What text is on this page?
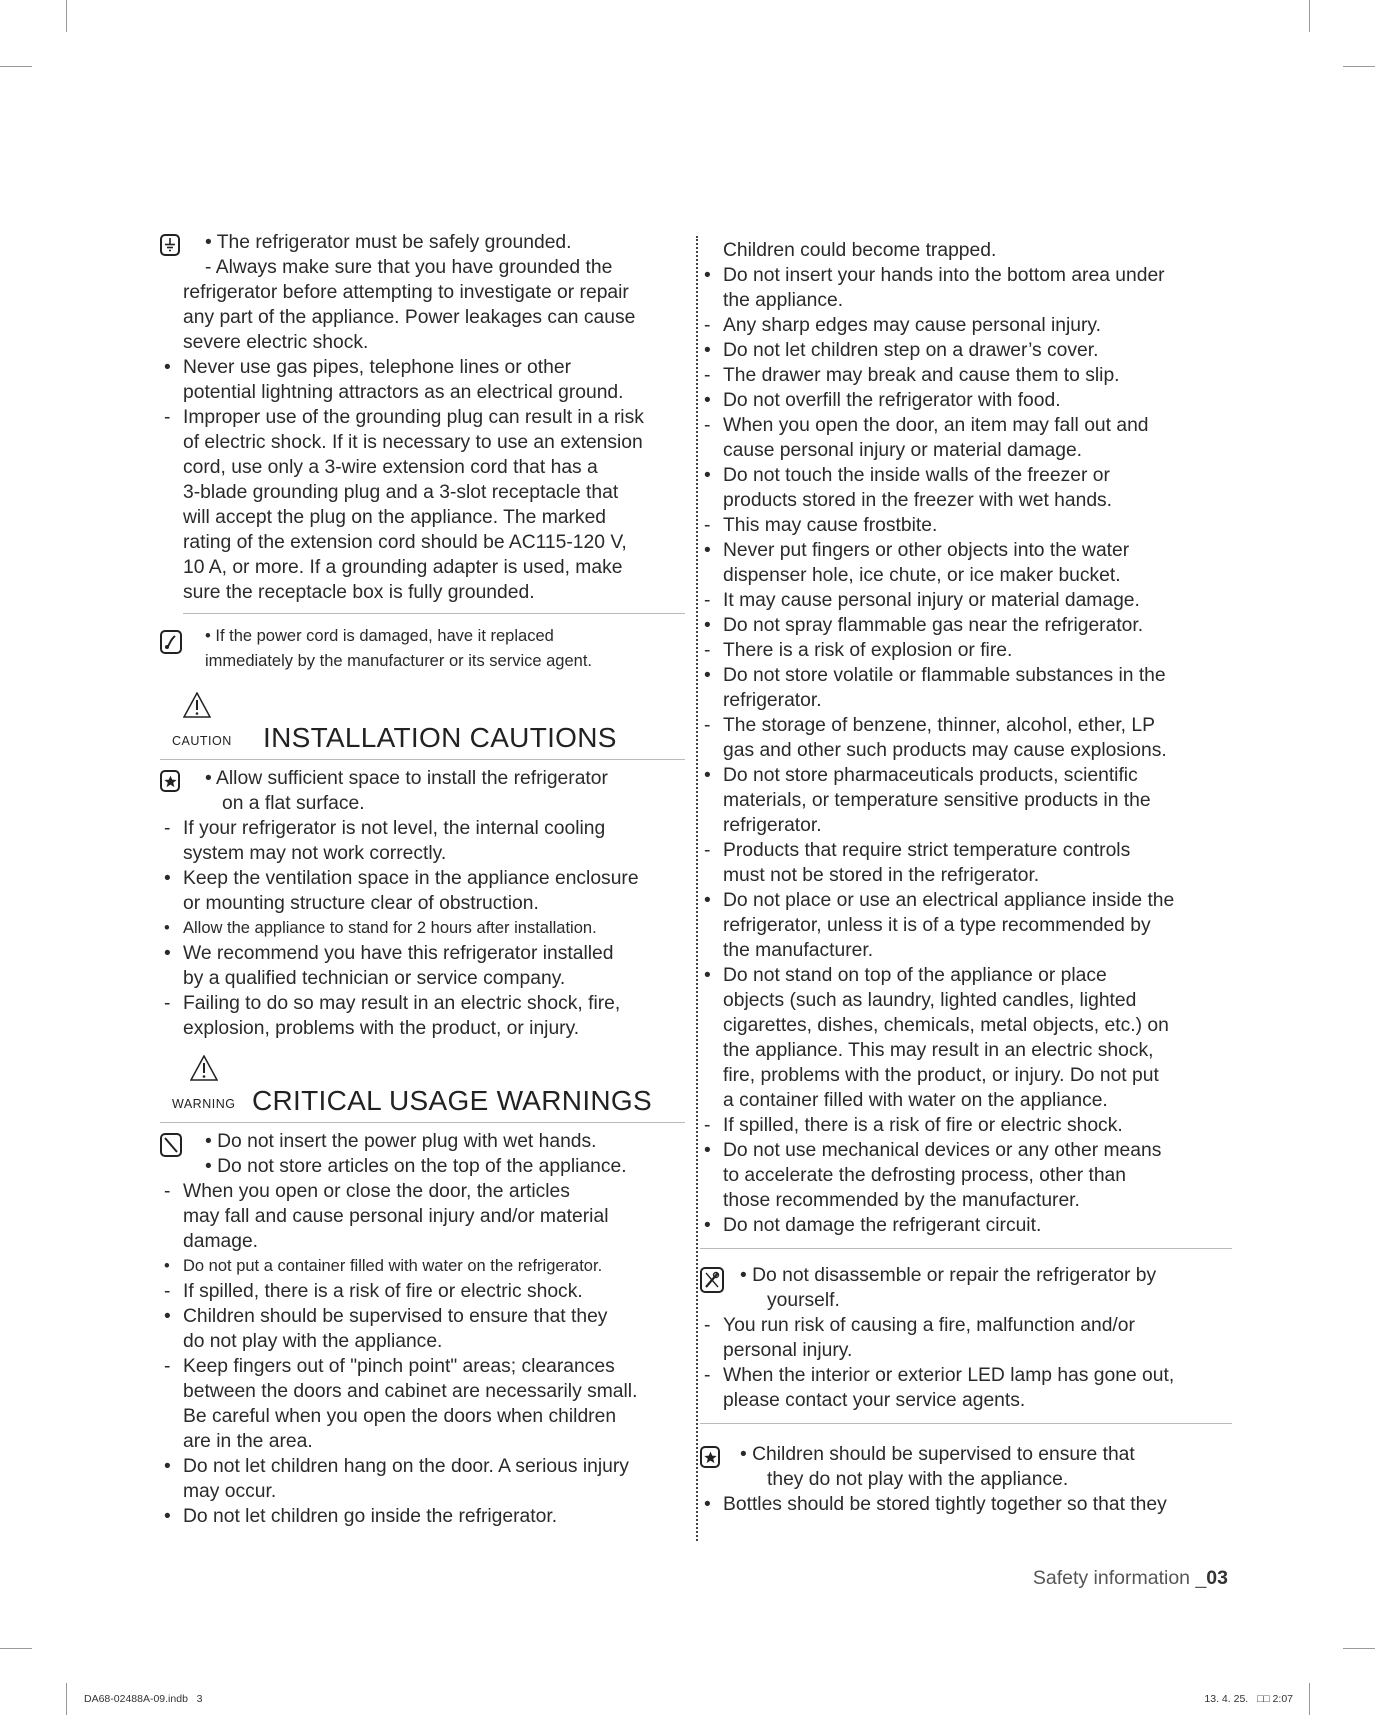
• The refrigerator must be safely grounded.
- Always make sure that you have grounded the
refrigerator before attempting to investigate or repair
any part of the appliance. Power leakages can cause
severe electric shock.
• Never use gas pipes, telephone lines or other
potential lightning attractors as an electrical ground.
- Improper use of the grounding plug can result in a risk
of electric shock. If it is necessary to use an extension
cord, use only a 3-wire extension cord that has a
3-blade grounding plug and a 3-slot receptacle that
will accept the plug on the appliance. The marked
rating of the extension cord should be AC115-120 V,
10 A, or more. If a grounding adapter is used, make
sure the receptacle box is fully grounded.
• If the power cord is damaged, have it replaced
immediately by the manufacturer or its service agent.
CAUTION INSTALLATION CAUTIONS
• Allow sufficient space to install the refrigerator
on a flat surface.
- If your refrigerator is not level, the internal cooling
system may not work correctly.
• Keep the ventilation space in the appliance enclosure
or mounting structure clear of obstruction.
• Allow the appliance to stand for 2 hours after installation.
• We recommend you have this refrigerator installed
by a qualified technician or service company.
- Failing to do so may result in an electric shock, fire,
explosion, problems with the product, or injury.
WARNING CRITICAL USAGE WARNINGS
• Do not insert the power plug with wet hands.
• Do not store articles on the top of the appliance.
- When you open or close the door, the articles
may fall and cause personal injury and/or material
damage.
• Do not put a container filled with water on the refrigerator.
- If spilled, there is a risk of fire or electric shock.
• Children should be supervised to ensure that they
do not play with the appliance.
- Keep fingers out of "pinch point" areas; clearances
between the doors and cabinet are necessarily small.
Be careful when you open the doors when children
are in the area.
• Do not let children hang on the door. A serious injury
may occur.
• Do not let children go inside the refrigerator.
Children could become trapped.
• Do not insert your hands into the bottom area under
the appliance.
- Any sharp edges may cause personal injury.
• Do not let children step on a drawer’s cover.
- The drawer may break and cause them to slip.
• Do not overfill the refrigerator with food.
- When you open the door, an item may fall out and
cause personal injury or material damage.
• Do not touch the inside walls of the freezer or
products stored in the freezer with wet hands.
- This may cause frostbite.
• Never put fingers or other objects into the water
dispenser hole, ice chute, or ice maker bucket.
- It may cause personal injury or material damage.
• Do not spray flammable gas near the refrigerator.
- There is a risk of explosion or fire.
• Do not store volatile or flammable substances in the
refrigerator.
- The storage of benzene, thinner, alcohol, ether, LP
gas and other such products may cause explosions.
• Do not store pharmaceuticals products, scientific
materials, or temperature sensitive products in the
refrigerator.
- Products that require strict temperature controls
must not be stored in the refrigerator.
• Do not place or use an electrical appliance inside the
refrigerator, unless it is of a type recommended by
the manufacturer.
• Do not stand on top of the appliance or place
objects (such as laundry, lighted candles, lighted
cigarettes, dishes, chemicals, metal objects, etc.) on
the appliance. This may result in an electric shock,
fire, problems with the product, or injury. Do not put
a container filled with water on the appliance.
- If spilled, there is a risk of fire or electric shock.
• Do not use mechanical devices or any other means
to accelerate the defrosting process, other than
those recommended by the manufacturer.
• Do not damage the refrigerant circuit.
• Do not disassemble or repair the refrigerator by
yourself.
- You run risk of causing a fire, malfunction and/or
personal injury.
- When the interior or exterior LED lamp has gone out,
please contact your service agents.
• Children should be supervised to ensure that
they do not play with the appliance.
• Bottles should be stored tightly together so that they
Safety information _03
DA68-02488A-09.indb   3	13. 4. 25.   □□ 2:07
